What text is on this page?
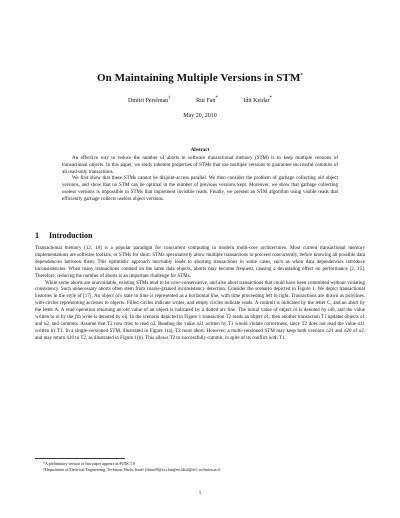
On Maintaining Multiple Versions in STM*
Dmitri Perelman†	Rui Fan*	Idit Keidar*
May 20, 2010
Abstract

An effective way to reduce the number of aborts in software transactional memory (STM) is to keep multiple versions of transactional objects. In this paper, we study inherent properties of STMs that use multiple versions to guarantee successful commits of all read-only transactions.

We first show that these STMs cannot be disjoint-access parallel. We then consider the problem of garbage collecting old object versions, and show that no STM can be optimal in the number of previous versions kept. Moreover, we show that garbage collecting useless versions is impossible in STMs that implement invisible reads. Finally, we present an STM algorithm using visible reads that efficiently garbage collects useless object versions.

1 Introduction

Transactional memory [12, 18] is a popular paradigm for concurrent computing in modern multi-core architectures. Most current transactional memory implementations are software toolkits, or STMs for short. STMs speculatively allow multiple transactions to proceed concurrently, before knowing all possible data dependencies between them. This optimistic approach inevitably leads to aborting transactions in some cases, such as when data dependencies introduce inconsistencies. When many transactions contend on the same data objects, aborts may become frequent, causing a devastating effect on performance [2, 15]. Therefore, reducing the number of aborts is an important challenge for STMs.

While some aborts are unavoidable, existing STMs tend to be over-conservative, and also abort transactions that could have been committed without violating consistency. Such unnecessary aborts often stem from coarse-grained inconsistency detection. Consider the scenario depicted in Figure 1. We depict transactional histories in the style of [17]. An object oi's state in time is represented as a horizontal line, with time proceeding left to right. Transactions are drawn as polylines, with circles representing accesses to objects. Filled circles indicate writes, and empty circles indicate reads. A commit is indicated by the letter C, and an abort by the letter A. A read operation returning an old value of an object is indicated by a dotted arc line. The initial value of object oi is denoted by oi0, and the value written to oi by the j'th write is denoted by oij. In the scenario depicted in Figure 1 transaction T2 reads an object o1, then another transaction T1 updates objects o1 and o2, and commits. Assume that T2 now tries to read o2. Reading the value o21 written by T1 would violate correctness, since T2 does not read the value o11 written by T1. In a single-versioned STM, illustrated in Figure 1(a), T2 must abort. However, a multi-versioned STM may keep both versions o21 and o20 of o2, and may return o20 to T2, as illustrated in Figure 1(b). This allows T2 to successfully commit, in spite of its conflict with T1.

*A preliminary version of this paper appears in PODC'10

†Department of Electrical Engineering, Technion, Haifa, Israel {dima39@tx,rfan@ee,idish@ee}.technion.ac.il

1
